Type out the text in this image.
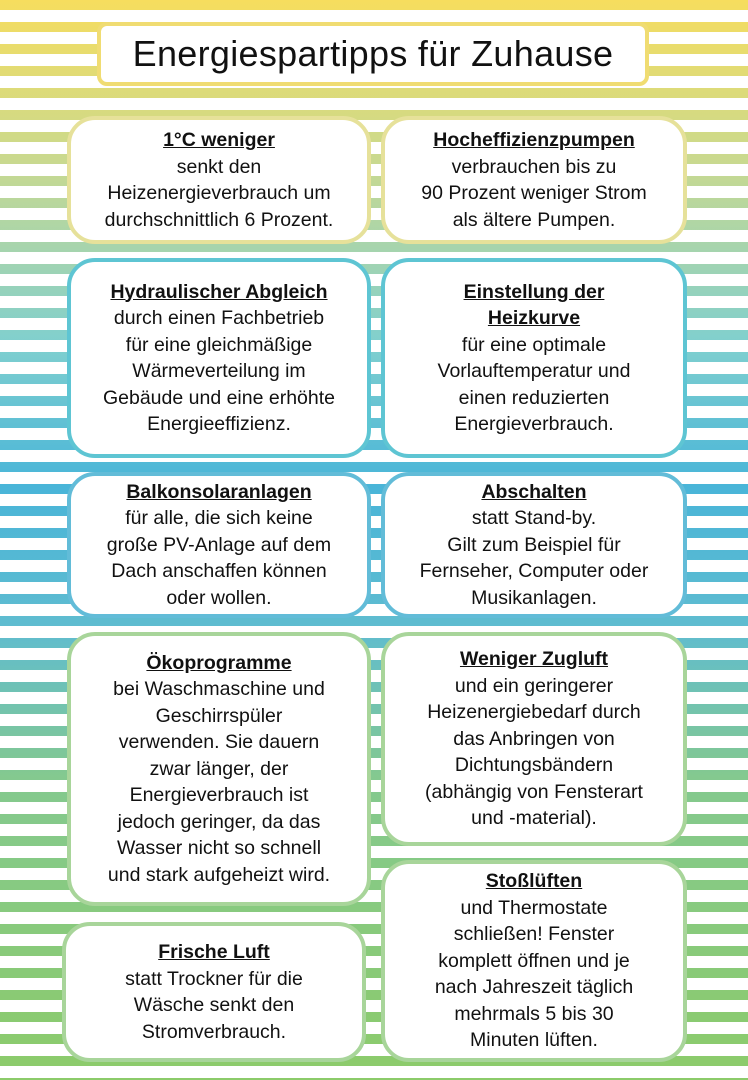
Energiespartipps für Zuhause
1°C weniger
senkt den
Heizenergieverbrauch um
durchschnittlich 6 Prozent.
Hocheffizienzpumpen
verbrauchen bis zu
90 Prozent weniger Strom
als ältere Pumpen.
Hydraulischer Abgleich
durch einen Fachbetrieb
für eine gleichmäßige
Wärmeverteilung im
Gebäude und eine erhöhte
Energieeffizienz.
Einstellung der Heizkurve
für eine optimale
Vorlauftemperatur und
einen reduzierten
Energieverbrauch.
Balkonsolaranlagen
für alle, die sich keine
große PV-Anlage auf dem
Dach anschaffen können
oder wollen.
Abschalten
statt Stand-by.
Gilt zum Beispiel für
Fernseher, Computer oder
Musikanlagen.
Ökoprogramme
bei Waschmaschine und
Geschirrspüler
verwenden. Sie dauern
zwar länger, der
Energieverbrauch ist
jedoch geringer, da das
Wasser nicht so schnell
und stark aufgeheizt wird.
Weniger Zugluft
und ein geringerer
Heizenergiebedarf durch
das Anbringen von
Dichtungsbändern
(abhängig von Fensterart
und -material).
Frische Luft
statt Trockner für die
Wäsche senkt den
Stromverbrauch.
Stoßlüften
und Thermostate
schließen! Fenster
komplett öffnen und je
nach Jahreszeit täglich
mehrmals 5 bis 30
Minuten lüften.
